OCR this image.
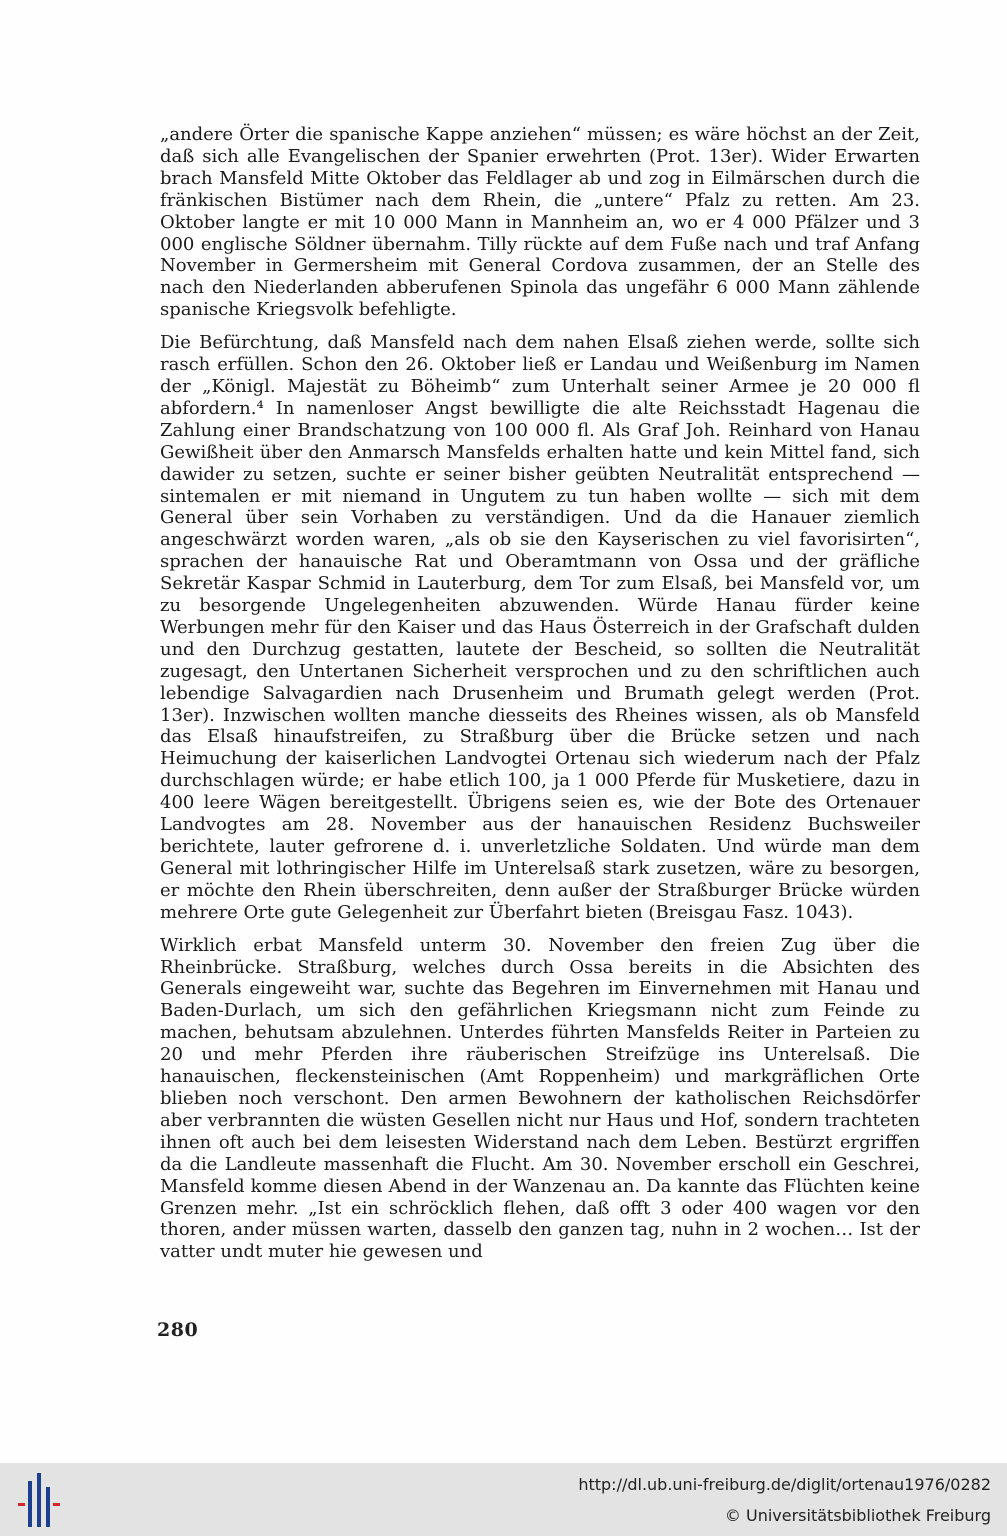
„andere Örter die spanische Kappe anziehen“ müssen; es wäre höchst an der Zeit, daß sich alle Evangelischen der Spanier erwehrten (Prot. 13er). Wider Erwarten brach Mansfeld Mitte Oktober das Feldlager ab und zog in Eilmärschen durch die fränkischen Bistümer nach dem Rhein, die „untere“ Pfalz zu retten. Am 23. Oktober langte er mit 10 000 Mann in Mannheim an, wo er 4 000 Pfälzer und 3 000 englische Söldner übernahm. Tilly rückte auf dem Fuße nach und traf Anfang November in Germersheim mit General Cordova zusammen, der an Stelle des nach den Niederlanden abberufenen Spinola das ungefähr 6 000 Mann zählende spanische Kriegsvolk befehligte.

Die Befürchtung, daß Mansfeld nach dem nahen Elsaß ziehen werde, sollte sich rasch erfüllen. Schon den 26. Oktober ließ er Landau und Weißenburg im Namen der „Königl. Majestät zu Böheimb“ zum Unterhalt seiner Armee je 20 000 fl abfordern.⁴ In namenloser Angst bewilligte die alte Reichsstadt Hagenau die Zahlung einer Brandschatzung von 100 000 fl. Als Graf Joh. Reinhard von Hanau Gewißheit über den Anmarsch Mansfelds erhalten hatte und kein Mittel fand, sich dawider zu setzen, suchte er seiner bisher geübten Neutralität entsprechend — sintemalen er mit niemand in Ungutem zu tun haben wollte — sich mit dem General über sein Vorhaben zu verständigen. Und da die Hanauer ziemlich angeschwärzt worden waren, „als ob sie den Kayserischen zu viel favorisirten“, sprachen der hanauische Rat und Oberamtmann von Ossa und der gräfliche Sekretär Kaspar Schmid in Lauterburg, dem Tor zum Elsaß, bei Mansfeld vor, um zu besorgende Ungelegenheiten abzuwenden. Würde Hanau fürder keine Werbungen mehr für den Kaiser und das Haus Österreich in der Grafschaft dulden und den Durchzug gestatten, lautete der Bescheid, so sollten die Neutralität zugesagt, den Untertanen Sicherheit versprochen und zu den schriftlichen auch lebendige Salvagardien nach Drusenheim und Brumath gelegt werden (Prot. 13er). Inzwischen wollten manche diesseits des Rheines wissen, als ob Mansfeld das Elsaß hinaufstreifen, zu Straßburg über die Brücke setzen und nach Heimuchung der kaiserlichen Landvogtei Ortenau sich wiederum nach der Pfalz durchschlagen würde; er habe etlich 100, ja 1 000 Pferde für Musketiere, dazu in 400 leere Wägen bereitgestellt. Übrigens seien es, wie der Bote des Ortenauer Landvogtes am 28. November aus der hanauischen Residenz Buchsweiler berichtete, lauter gefrorene d. i. unverletzliche Soldaten. Und würde man dem General mit lothringischer Hilfe im Unterelsaß stark zusetzen, wäre zu besorgen, er möchte den Rhein überschreiten, denn außer der Straßburger Brücke würden mehrere Orte gute Gelegenheit zur Überfahrt bieten (Breisgau Fasz. 1043).

Wirklich erbat Mansfeld unterm 30. November den freien Zug über die Rheinbrücke. Straßburg, welches durch Ossa bereits in die Absichten des Generals eingeweiht war, suchte das Begehren im Einvernehmen mit Hanau und Baden-Durlach, um sich den gefährlichen Kriegsmann nicht zum Feinde zu machen, behutsam abzulehnen. Unterdes führten Mansfelds Reiter in Parteien zu 20 und mehr Pferden ihre räuberischen Streifzüge ins Unterelsaß. Die hanauischen, fleckensteinischen (Amt Roppenheim) und markgräflichen Orte blieben noch verschont. Den armen Bewohnern der katholischen Reichsdörfer aber verbrannten die wüsten Gesellen nicht nur Haus und Hof, sondern trachteten ihnen oft auch bei dem leisesten Widerstand nach dem Leben. Bestürzt ergriffen da die Landleute massenhaft die Flucht. Am 30. November erscholl ein Geschrei, Mansfeld komme diesen Abend in der Wanzenau an. Da kannte das Flüchten keine Grenzen mehr. „Ist ein schröcklich flehen, daß offt 3 oder 400 wagen vor den thoren, ander müssen warten, dasselb den ganzen tag, nuhn in 2 wochen… Ist der vatter undt muter hie gewesen und

280
http://dl.ub.uni-freiburg.de/diglit/ortenau1976/0282
© Universitätsbibliothek Freiburg
